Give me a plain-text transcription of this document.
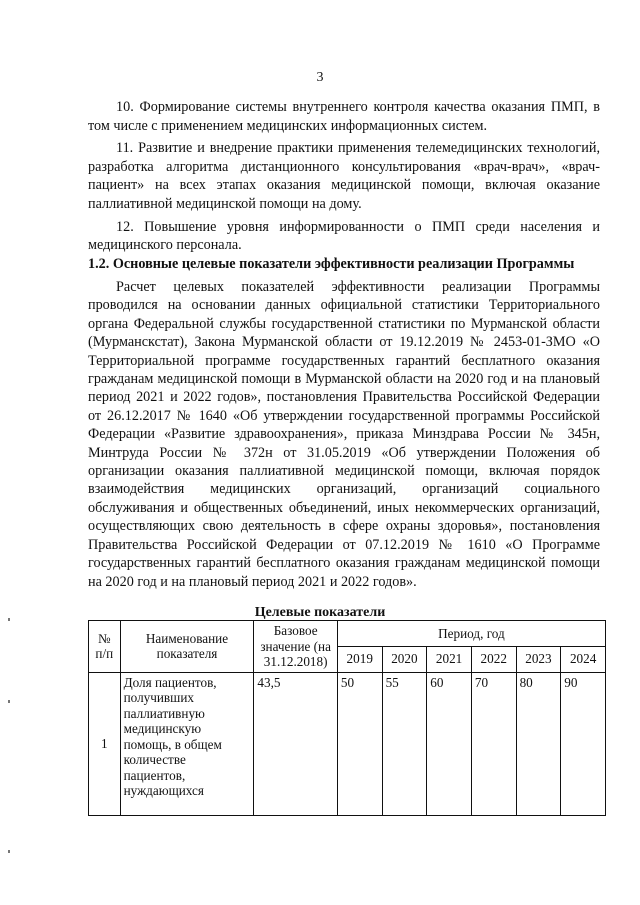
3

10. Формирование системы внутреннего контроля качества оказания ПМП, в том числе с применением медицинских информационных систем.

11. Развитие и внедрение практики применения телемедицинских технологий, разработка алгоритма дистанционного консультирования «врач-врач», «врач-пациент» на всех этапах оказания медицинской помощи, включая оказание паллиативной медицинской помощи на дому.

12. Повышение уровня информированности о ПМП среди населения и медицинского персонала.

1.2. Основные целевые показатели эффективности реализации Программы
Расчет целевых показателей эффективности реализации Программы проводился на основании данных официальной статистики Территориального органа Федеральной службы государственной статистики по Мурманской области (Мурманскстат), Закона Мурманской области от 19.12.2019 № 2453-01-ЗМО «О Территориальной программе государственных гарантий бесплатного оказания гражданам медицинской помощи в Мурманской области на 2020 год и на плановый период 2021 и 2022 годов», постановления Правительства Российской Федерации от 26.12.2017 № 1640 «Об утверждении государственной программы Российской Федерации «Развитие здравоохранения», приказа Минздрава России № 345н, Минтруда России № 372н от 31.05.2019 «Об утверждении Положения об организации оказания паллиативной медицинской помощи, включая порядок взаимодействия медицинских организаций, организаций социального обслуживания и общественных объединений, иных некоммерческих организаций, осуществляющих свою деятельность в сфере охраны здоровья», постановления Правительства Российской Федерации от 07.12.2019 № 1610 «О Программе государственных гарантий бесплатного оказания гражданам медицинской помощи на 2020 год и на плановый период 2021 и 2022 годов».
Целевые показатели
№ п/п	Наименование показателя	Базовое значение (на 31.12.2018)	Период, год					
			2019	2020	2021	2022	2023	2024
1	Доля пациентов, получивших паллиативную медицинскую помощь, в общем количестве пациентов, нуждающихся	43,5	50	55	60	70	80	90
